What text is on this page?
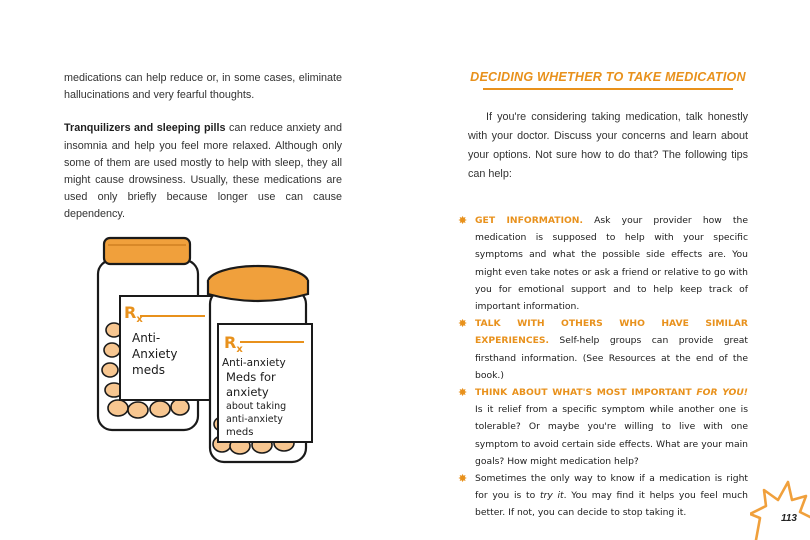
medications can help reduce or, in some cases, eliminate hallucinations and very fearful thoughts.

Tranquilizers and sleeping pills can reduce anxiety and insomnia and help you feel more relaxed. Although only some of them are used mostly to help with sleep, they all might cause drowsiness. Usually, these medications are used only briefly because longer use can cause dependency.

$R_x$
Anti- Anxiety meds
$R_x$
Anti-anxiety Meds for anxiety about taking anti-anxiety meds
DECIDING WHETHER TO TAKE MEDICATION

If you're considering taking medication, talk honestly with your doctor. Discuss your concerns and learn about your options. Not sure how to do that? The following tips can help:

✸ GET INFORMATION. Ask your provider how the medication is supposed to help with your specific symptoms and what the possible side effects are. You might even take notes or ask a friend or relative to go with you for emotional support and to help keep track of important information.
✸ TALK WITH OTHERS WHO HAVE SIMILAR EXPERIENCES. Self-help groups can provide great firsthand information. (See Resources at the end of the book.)
✸ THINK ABOUT WHAT'S MOST IMPORTANT FOR YOU! Is it relief from a specific symptom while another one is tolerable? Or maybe you're willing to live with one symptom to avoid certain side effects. What are your main goals? How might medication help?
✸ Sometimes the only way to know if a medication is right for you is to try it. You may find it helps you feel much better. If not, you can decide to stop taking it.
113
